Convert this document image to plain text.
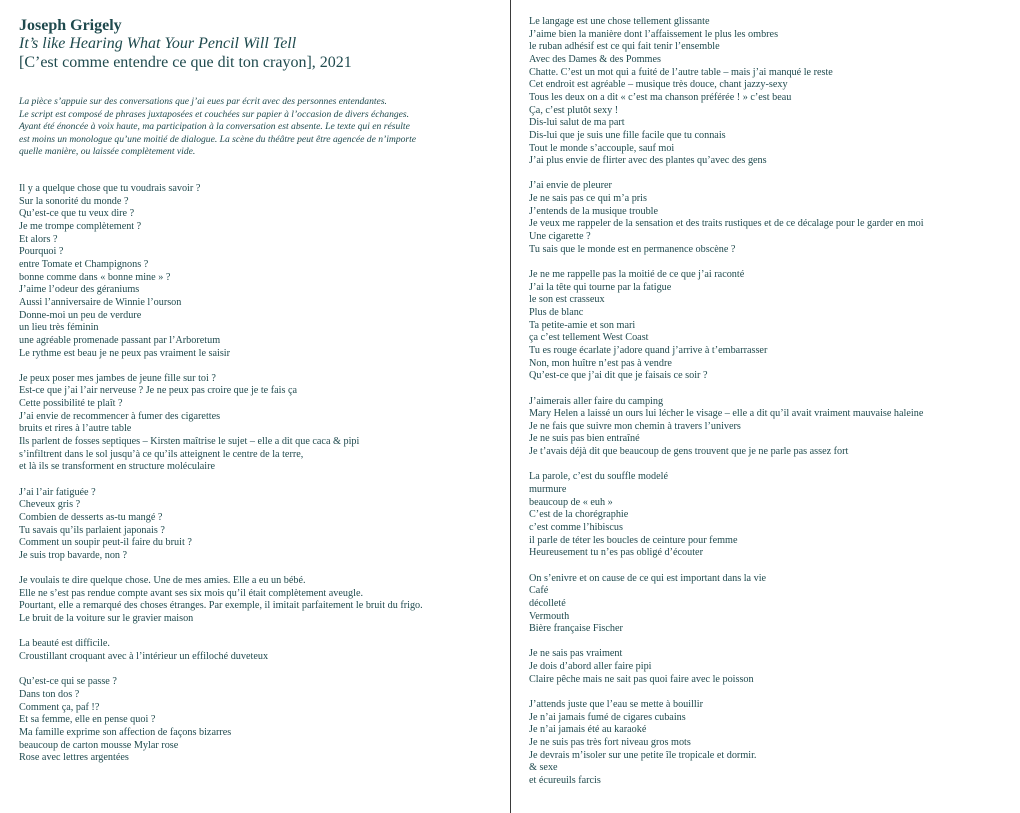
Joseph Grigely
It’s like Hearing What Your Pencil Will Tell
[C’est comme entendre ce que dit ton crayon], 2021
La pièce s’appuie sur des conversations que j’ai eues par écrit avec des personnes entendantes.
Le script est composé de phrases juxtaposées et couchées sur papier à l’occasion de divers échanges.
Ayant été énoncée à voix haute, ma participation à la conversation est absente. Le texte qui en résulte
est moins un monologue qu’une moitié de dialogue. La scène du théâtre peut être agencée de n’importe
quelle manière, ou laissée complètement vide.
Il y a quelque chose que tu voudrais savoir ?
Sur la sonorité du monde ?
Qu’est-ce que tu veux dire ?
Je me trompe complètement ?
Et alors ?
Pourquoi ?
entre Tomate et Champignons ?
bonne comme dans « bonne mine » ?
J’aime l’odeur des géraniums
Aussi l’anniversaire de Winnie l’ourson
Donne-moi un peu de verdure
un lieu très féminin
une agréable promenade passant par l’Arboretum
Le rythme est beau je ne peux pas vraiment le saisir
Je peux poser mes jambes de jeune fille sur toi ?
Est-ce que j’ai l’air nerveuse ? Je ne peux pas croire que je te fais ça
Cette possibilité te plaît ?
J’ai envie de recommencer à fumer des cigarettes
bruits et rires à l’autre table
Ils parlent de fosses septiques – Kirsten maîtrise le sujet – elle a dit que caca & pipi
s’infiltrent dans le sol jusqu’à ce qu’ils atteignent le centre de la terre,
et là ils se transforment en structure moléculaire
J’ai l’air fatiguée ?
Cheveux gris ?
Combien de desserts as-tu mangé ?
Tu savais qu’ils parlaient japonais ?
Comment un soupir peut-il faire du bruit ?
Je suis trop bavarde, non ?
Je voulais te dire quelque chose. Une de mes amies. Elle a eu un bébé.
Elle ne s’est pas rendue compte avant ses six mois qu’il était complètement aveugle.
Pourtant, elle a remarqué des choses étranges. Par exemple, il imitait parfaitement le bruit du frigo.
Le bruit de la voiture sur le gravier maison
La beauté est difficile.
Croustillant croquant avec à l’intérieur un effiloché duveteux
Qu’est-ce qui se passe ?
Dans ton dos ?
Comment ça, paf !?
Et sa femme, elle en pense quoi ?
Ma famille exprime son affection de façons bizarres
beaucoup de carton mousse Mylar rose
Rose avec lettres argentées
Le langage est une chose tellement glissante
J’aime bien la manière dont l’affaissement le plus les ombres
le ruban adhésif est ce qui fait tenir l’ensemble
Avec des Dames & des Pommes
Chatte. C’est un mot qui a fuité de l’autre table – mais j’ai manqué le reste
Cet endroit est agréable – musique très douce, chant jazzy-sexy
Tous les deux on a dit « c’est ma chanson préférée ! » c’est beau
Ça, c’est plutôt sexy !
Dis-lui salut de ma part
Dis-lui que je suis une fille facile que tu connais
Tout le monde s’accouple, sauf moi
J’ai plus envie de flirter avec des plantes qu’avec des gens
J’ai envie de pleurer
Je ne sais pas ce qui m’a pris
J’entends de la musique trouble
Je veux me rappeler de la sensation et des traits rustiques et de ce décalage pour le garder en moi
Une cigarette ?
Tu sais que le monde est en permanence obscène ?
Je ne me rappelle pas la moitié de ce que j’ai raconté
J’ai la tête qui tourne par la fatigue
le son est crasseux
Plus de blanc
Ta petite-amie et son mari
ça c’est tellement West Coast
Tu es rouge écarlate j’adore quand j’arrive à t’embarrasser
Non, mon huître n’est pas à vendre
Qu’est-ce que j’ai dit que je faisais ce soir ?
J’aimerais aller faire du camping
Mary Helen a laissé un ours lui lécher le visage – elle a dit qu’il avait vraiment mauvaise haleine
Je ne fais que suivre mon chemin à travers l’univers
Je ne suis pas bien entraîné
Je t’avais déjà dit que beaucoup de gens trouvent que je ne parle pas assez fort
La parole, c’est du souffle modelé
murmure
beaucoup de « euh »
C’est de la chorégraphie
c’est comme l’hibiscus
il parle de téter les boucles de ceinture pour femme
Heureusement tu n’es pas obligé d’écouter
On s’enivre et on cause de ce qui est important dans la vie
Café
décolleté
Vermouth
Bière française Fischer
Je ne sais pas vraiment
Je dois d’abord aller faire pipi
Claire pêche mais ne sait pas quoi faire avec le poisson
J’attends juste que l’eau se mette à bouillir
Je n’ai jamais fumé de cigares cubains
Je n’ai jamais été au karaoké
Je ne suis pas très fort niveau gros mots
Je devrais m’isoler sur une petite île tropicale et dormir.
& sexe
et écureuils farcis
